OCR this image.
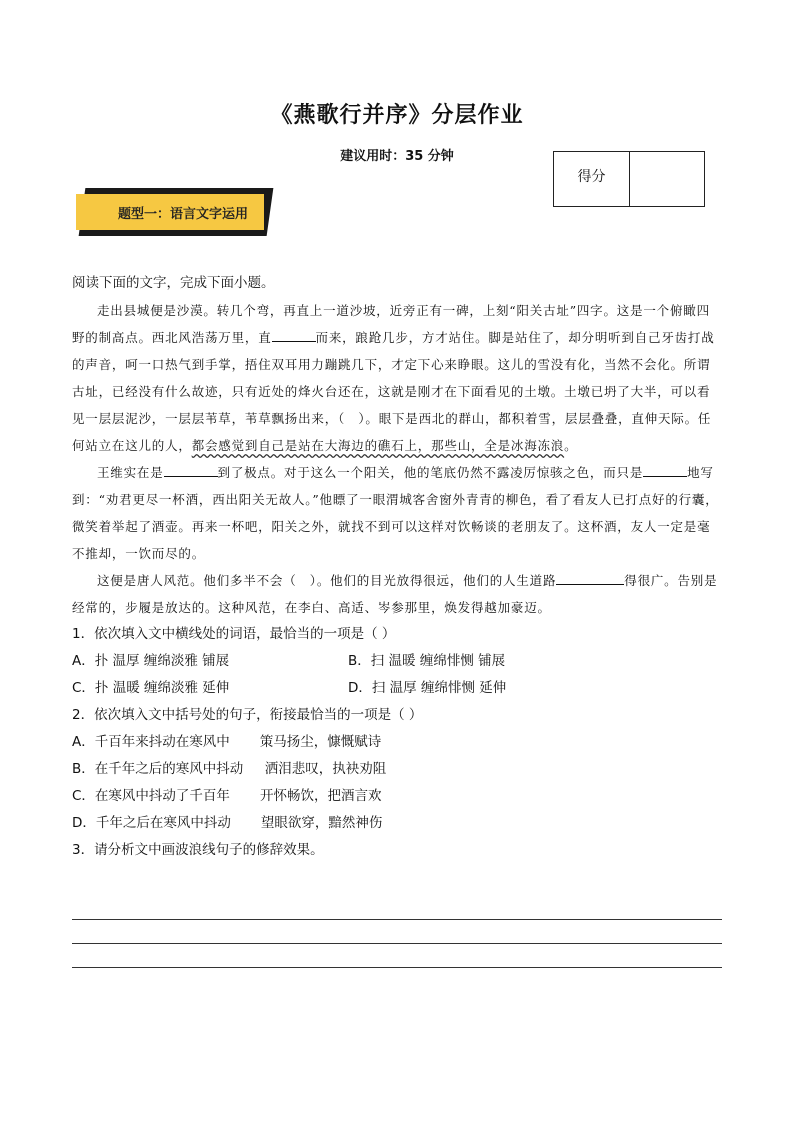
《燕歌行并序》分层作业
建议用时：35 分钟
得分
题型一：语言文字运用

阅读下面的文字，完成下面小题。

走出县城便是沙漠。转几个弯，再直上一道沙坡，近旁正有一碑，上刻“阳关古址”四字。这是一个俯瞰四野的制高点。西北风浩荡万里，直	而来，踉跄几步，方才站住。脚是站住了，却分明听到自己牙齿打战的声音，呵一口热气到手掌，捂住双耳用力蹦跳几下，才定下心来睁眼。这儿的雪没有化，当然不会化。所谓古址，已经没有什么故迹，只有近处的烽火台还在，这就是刚才在下面看见的土墩。土墩已坍了大半，可以看见一层层泥沙，一层层苇草，苇草飘扬出来，（　）。眼下是西北的群山，都积着雪，层层叠叠，直伸天际。任何站立在这儿的人，都会感觉到自己是站在大海边的礁石上，那些山，全是冰海冻浪。

王维实在是	到了极点。对于这么一个阳关，他的笔底仍然不露凌厉惊骇之色，而只是	地写到：“劝君更尽一杯酒，西出阳关无故人。”他瞟了一眼渭城客舍窗外青青的柳色，看了看友人已打点好的行囊，微笑着举起了酒壶。再来一杯吧，阳关之外，就找不到可以这样对饮畅谈的老朋友了。这杯酒，友人一定是毫不推却，一饮而尽的。

这便是唐人风范。他们多半不会（　）。他们的目光放得很远，他们的人生道路	得很广。告别是经常的，步履是放达的。这种风范，在李白、高适、岑参那里，焕发得越加豪迈。

1．依次填入文中横线处的词语，最恰当的一项是（ ）

A．扑 温厚 缠绵淡雅 铺展	B．扫 温暖 缠绵悱恻 铺展
C．扑 温暖 缠绵淡雅 延伸	D．扫 温厚 缠绵悱恻 延伸

2．依次填入文中括号处的句子，衔接最恰当的一项是（ ）

A．千百年来抖动在寒风中       策马扬尘，慷慨赋诗

B．在千年之后的寒风中抖动     洒泪悲叹，执袂劝阻

C．在寒风中抖动了千百年       开怀畅饮，把酒言欢

D．千年之后在寒风中抖动       望眼欲穿，黯然神伤

3．请分析文中画波浪线句子的修辞效果。
